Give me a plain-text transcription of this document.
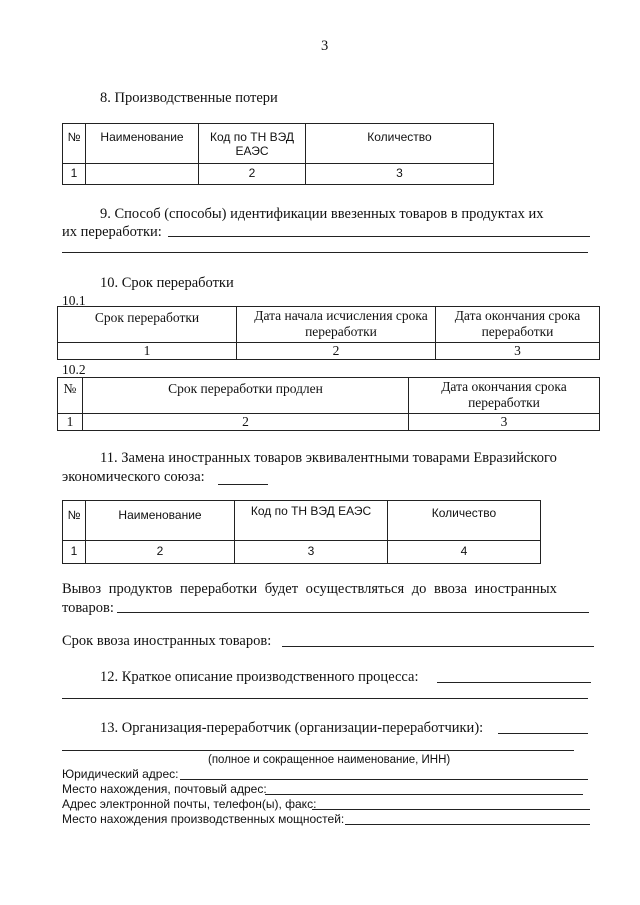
3
8. Производственные потери
№	Наименование	Код по ТН ВЭД ЕАЭС	Количество
1		2	3
9. Способ (способы) идентификации ввезенных товаров в продуктах их
их переработки:
10. Срок переработки
10.1
Срок переработки	Дата начала исчисления срока переработки	Дата окончания срока переработки
1	2	3
10.2
№	Срок переработки продлен	Дата окончания срока переработки
1	2	3
11. Замена иностранных товаров эквивалентными товарами Евразийского
экономического союза:
№	Наименование	Код по ТН ВЭД ЕАЭС	Количество
1	2	3	4
Вывоз продуктов переработки будет осуществляться до ввоза иностранных
товаров:
Срок ввоза иностранных товаров:
12. Краткое описание производственного процесса:
13. Организация-переработчик (организации-переработчики):
(полное и сокращенное наименование, ИНН)
Юридический адрес:
Место нахождения, почтовый адрес:
Адрес электронной почты, телефон(ы), факс:
Место нахождения производственных мощностей:
